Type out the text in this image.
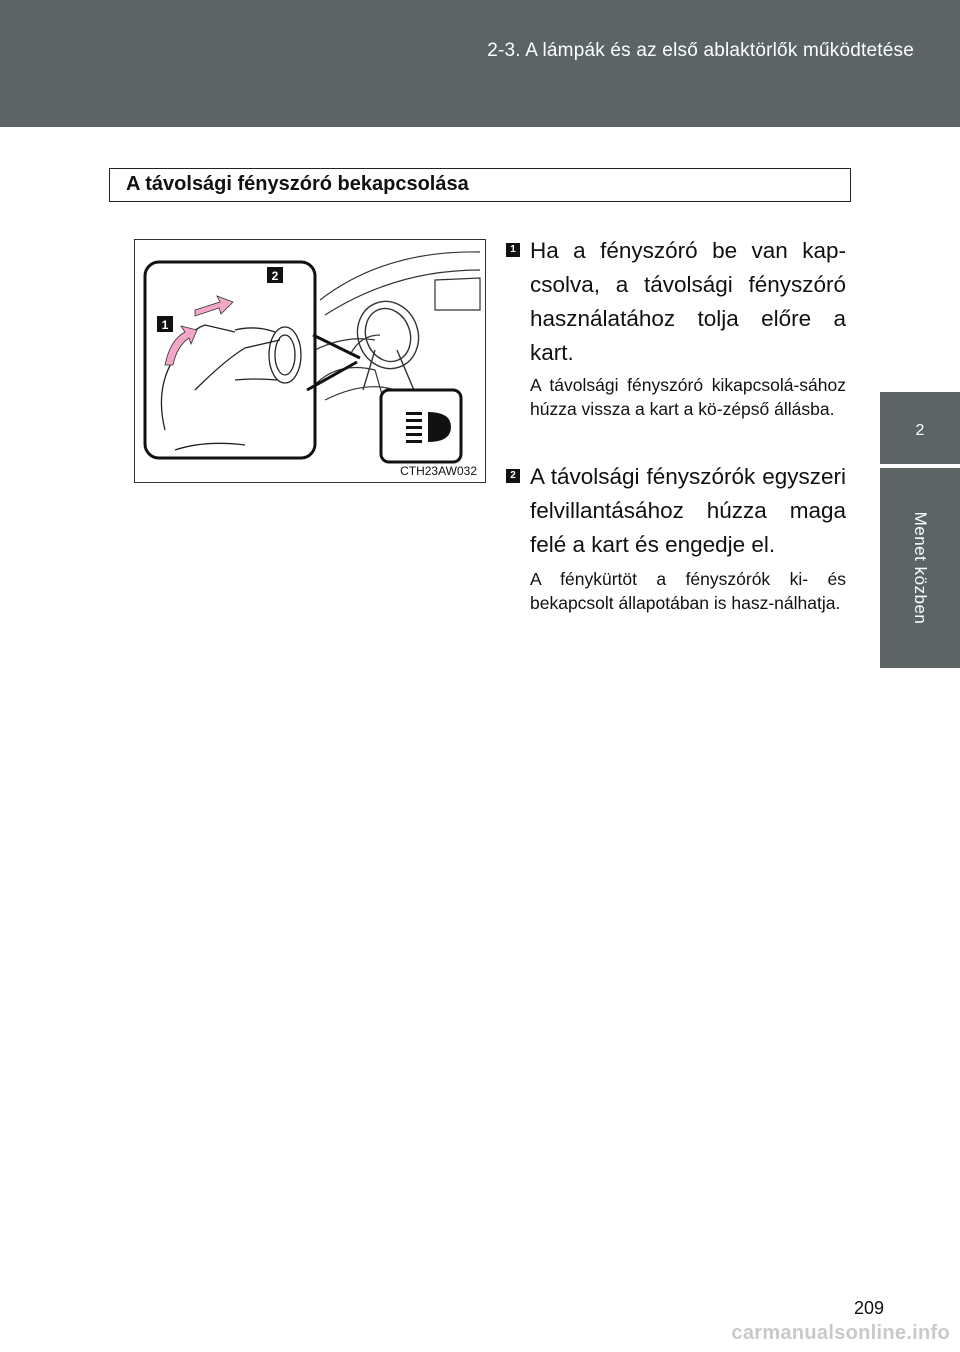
2-3. A lámpák és az első ablaktörlők működtetése
2
Menet közben
A távolsági fényszóró bekapcsolása
2
1
CTH23AW032
1 Ha a fényszóró be van kap-csolva, a távolsági fényszóró használatához tolja előre a kart.
A távolsági fényszóró kikapcsolá-sához húzza vissza a kart a kö-zépső állásba.
2 A távolsági fényszórók egyszeri felvillantásához húzza maga felé a kart és engedje el.
A fénykürtöt a fényszórók ki- és bekapcsolt állapotában is hasz-nálhatja.
209
carmanualsonline.info
